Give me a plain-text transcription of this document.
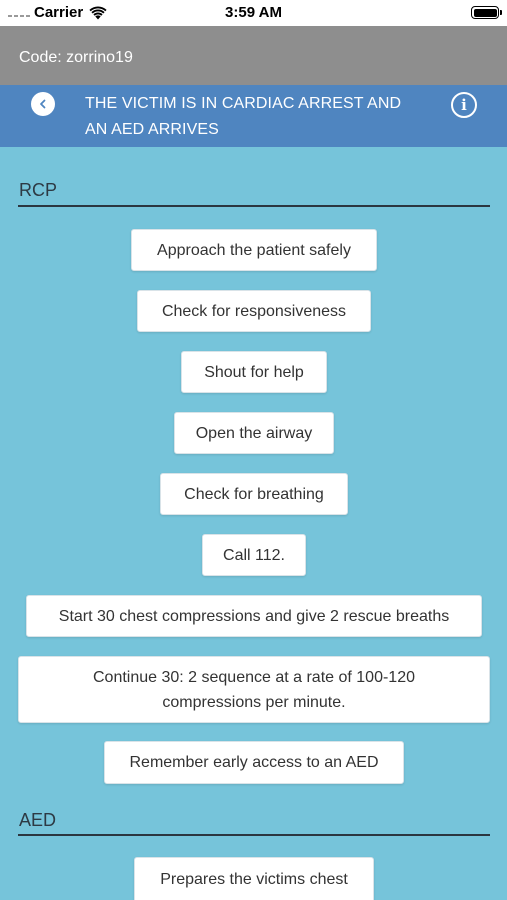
Carrier	3:59 AM
Code: zorrino19
THE VICTIM IS IN CARDIAC ARREST AND AN AED ARRIVES
i
RCP
Approach the patient safely
Check for responsiveness
Shout for help
Open the airway
Check for breathing
Call 112.
Start 30 chest compressions and give 2 rescue breaths
Continue 30: 2 sequence at a rate of 100-120 compressions per minute.
Remember early access to an AED
AED
Prepares the victims chest
